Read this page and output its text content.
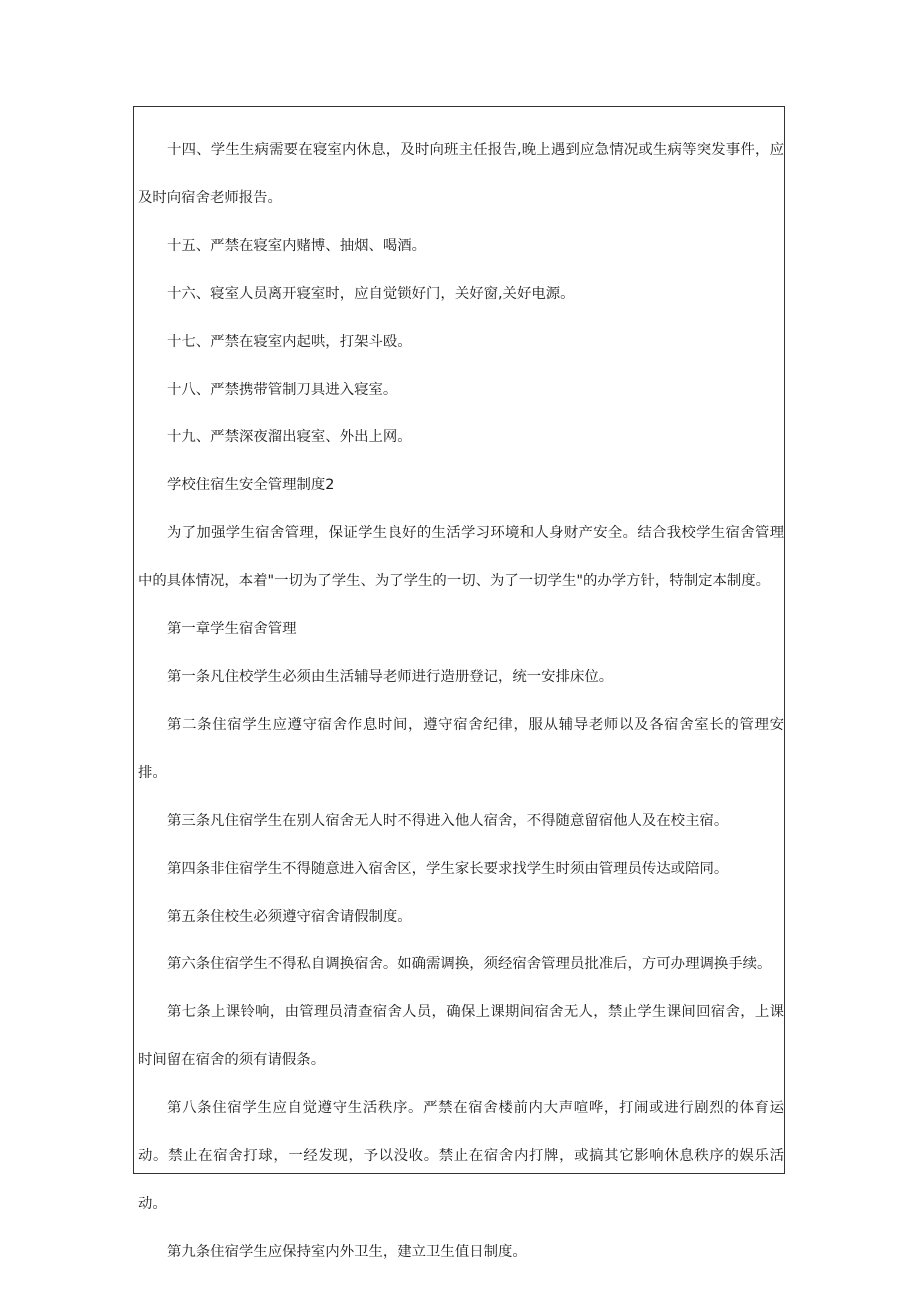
十四、学生生病需要在寝室内休息，及时向班主任报告,晚上遇到应急情况或生病等突发事件，应及时向宿舍老师报告。

十五、严禁在寝室内赌博、抽烟、喝酒。

十六、寝室人员离开寝室时，应自觉锁好门，关好窗,关好电源。

十七、严禁在寝室内起哄，打架斗殴。

十八、严禁携带管制刀具进入寝室。

十九、严禁深夜溜出寝室、外出上网。

学校住宿生安全管理制度2

为了加强学生宿舍管理，保证学生良好的生活学习环境和人身财产安全。结合我校学生宿舍管理中的具体情况，本着"一切为了学生、为了学生的一切、为了一切学生"的办学方针，特制定本制度。

第一章学生宿舍管理

第一条凡住校学生必须由生活辅导老师进行造册登记，统一安排床位。

第二条住宿学生应遵守宿舍作息时间，遵守宿舍纪律，服从辅导老师以及各宿舍室长的管理安排。

第三条凡住宿学生在别人宿舍无人时不得进入他人宿舍，不得随意留宿他人及在校主宿。

第四条非住宿学生不得随意进入宿舍区，学生家长要求找学生时须由管理员传达或陪同。

第五条住校生必须遵守宿舍请假制度。

第六条住宿学生不得私自调换宿舍。如确需调换，须经宿舍管理员批准后，方可办理调换手续。

第七条上课铃响，由管理员清查宿舍人员，确保上课期间宿舍无人，禁止学生课间回宿舍，上课时间留在宿舍的须有请假条。

第八条住宿学生应自觉遵守生活秩序。严禁在宿舍楼前内大声喧哗，打闹或进行剧烈的体育运动。禁止在宿舍打球，一经发现，予以没收。禁止在宿舍内打牌，或搞其它影响休息秩序的娱乐活动。

第九条住宿学生应保持室内外卫生，建立卫生值日制度。
